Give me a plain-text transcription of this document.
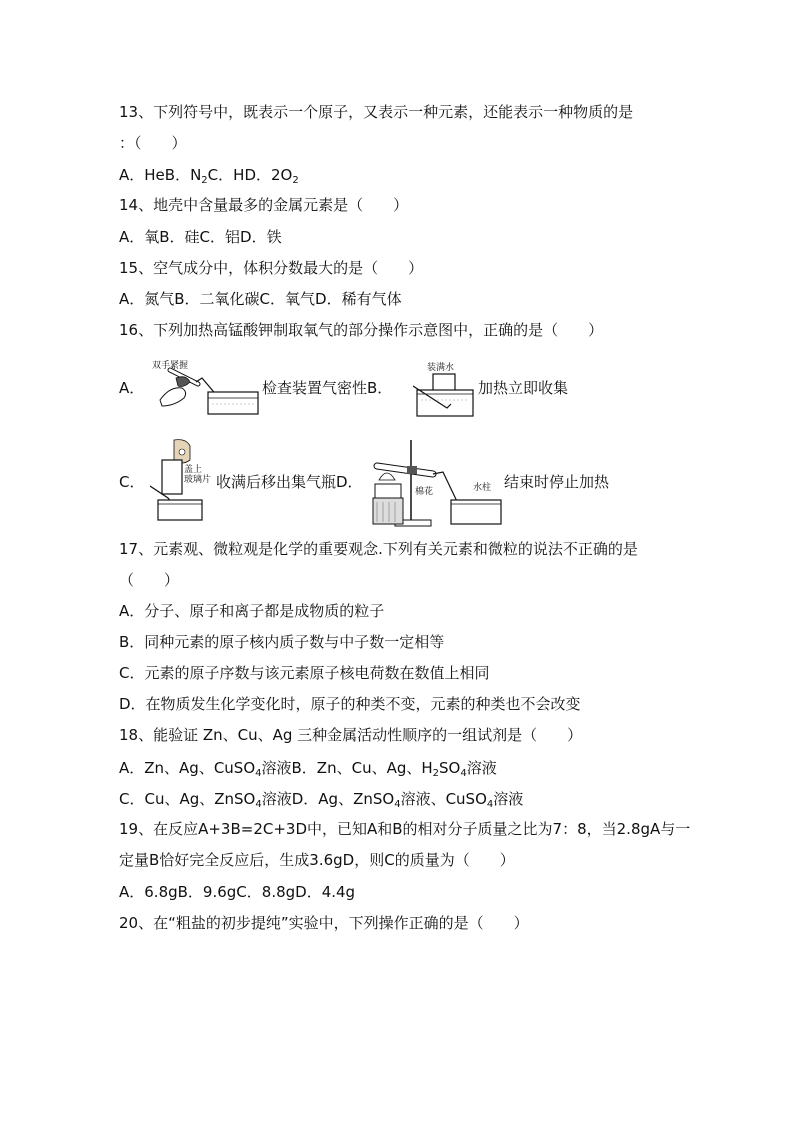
13、下列符号中，既表示一个原子，又表示一种元素，还能表示一种物质的是
：（　　）
A．HeB．$N_2C$．HD．$2O_2$
14、地壳中含量最多的金属元素是（　　）
A．氧B．硅C．铝D．铁
15、空气成分中，体积分数最大的是（　　）
A．氮气B．二氧化碳C．氧气D．稀有气体
16、下列加热高锰酸钾制取氧气的部分操作示意图中，正确的是（　　）
A．
双手紧握
检查装置气密性B．
装满水
加热立即收集
C．
盖上
玻璃片 收满后移出集气瓶D．
棉花	水柱 结束时停止加热
17、元素观、微粒观是化学的重要观念.下列有关元素和微粒的说法不正确的是
（　　）
A．分子、原子和离子都是成物质的粒子
B．同种元素的原子核内质子数与中子数一定相等
C．元素的原子序数与该元素原子核电荷数在数值上相同
D．在物质发生化学变化时，原子的种类不变，元素的种类也不会改变
18、能验证 Zn、Cu、Ag 三种金属活动性顺序的一组试剂是（　　）
A．Zn、Ag、CuSO$_4$溶液B．Zn、Cu、Ag、$H_2SO_4$溶液
C．Cu、Ag、ZnSO$_4$溶液D．Ag、ZnSO$_4$溶液、CuSO$_4$溶液
19、在反应A+3B=2C+3D中，已知A和B的相对分子质量之比为7：8，当2.8gA与一
定量B恰好完全反应后，生成3.6gD，则C的质量为（　　）
A．6.8gB．9.6gC．8.8gD．4.4g
20、在“粗盐的初步提纯”实验中，下列操作正确的是（　　）
